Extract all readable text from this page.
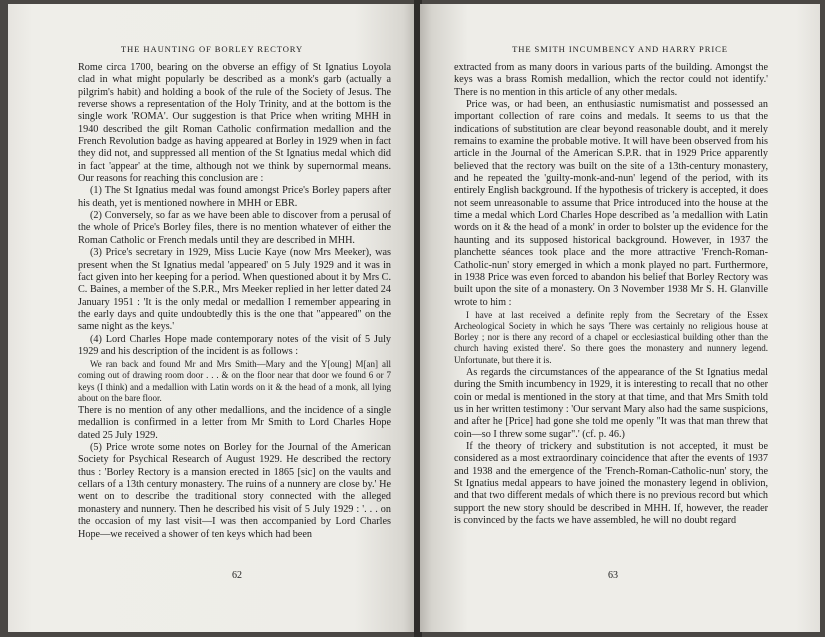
THE HAUNTING OF BORLEY RECTORY

Rome circa 1700, bearing on the obverse an effigy of St Ignatius Loyola clad in what might popularly be described as a monk's garb (actually a pilgrim's habit) and holding a book of the rule of the Society of Jesus. The reverse shows a representation of the Holy Trinity, and at the bottom is the single work 'ROMA'. Our suggestion is that Price when writing MHH in 1940 described the gilt Roman Catholic confirmation medallion and the French Revolution badge as having appeared at Borley in 1929 when in fact they did not, and suppressed all mention of the St Ignatius medal which did in fact 'appear' at the time, although not we think by supernormal means. Our reasons for reaching this conclusion are :

(1) The St Ignatius medal was found amongst Price's Borley papers after his death, yet is mentioned nowhere in MHH or EBR.

(2) Conversely, so far as we have been able to discover from a perusal of the whole of Price's Borley files, there is no mention whatever of either the Roman Catholic or French medals until they are described in MHH.

(3) Price's secretary in 1929, Miss Lucie Kaye (now Mrs Meeker), was present when the St Ignatius medal 'appeared' on 5 July 1929 and it was in fact given into her keeping for a period. When questioned about it by Mrs C. C. Baines, a member of the S.P.R., Mrs Meeker replied in her letter dated 24 January 1951 : 'It is the only medal or medallion I remember appearing in the early days and quite undoubtedly this is the one that "appeared" on the same night as the keys.'

(4) Lord Charles Hope made contemporary notes of the visit of 5 July 1929 and his description of the incident is as follows :

We ran back and found Mr and Mrs Smith—Mary and the Y[oung] M[an] all coming out of drawing room door . . . & on the floor near that door we found 6 or 7 keys (I think) and a medallion with Latin words on it & the head of a monk, all lying about on the bare floor.

There is no mention of any other medallions, and the incidence of a single medallion is confirmed in a letter from Mr Smith to Lord Charles Hope dated 25 July 1929.

(5) Price wrote some notes on Borley for the Journal of the American Society for Psychical Research of August 1929. He described the rectory thus : 'Borley Rectory is a mansion erected in 1865 [sic] on the vaults and cellars of a 13th century monastery. The ruins of a nunnery are close by.' He went on to describe the traditional story connected with the alleged monastery and nunnery. Then he described his visit of 5 July 1929 : '. . . on the occasion of my last visit—I was then accompanied by Lord Charles Hope—we received a shower of ten keys which had been

62
THE SMITH INCUMBENCY AND HARRY PRICE

extracted from as many doors in various parts of the building. Amongst the keys was a brass Romish medallion, which the rector could not identify.' There is no mention in this article of any other medals.

Price was, or had been, an enthusiastic numismatist and possessed an important collection of rare coins and medals. It seems to us that the indications of substitution are clear beyond reasonable doubt, and it merely remains to examine the probable motive. It will have been observed from his article in the Journal of the American S.P.R. that in 1929 Price apparently believed that the rectory was built on the site of a 13th-century monastery, and he repeated the 'guilty-monk-and-nun' legend of the period, with its entirely English background. If the hypothesis of trickery is accepted, it does not seem unreasonable to assume that Price introduced into the house at the time a medal which Lord Charles Hope described as 'a medallion with Latin words on it & the head of a monk' in order to bolster up the evidence for the haunting and its supposed historical background. However, in 1937 the planchette séances took place and the more attractive 'French-Roman-Catholic-nun' story emerged in which a monk played no part. Furthermore, in 1938 Price was even forced to abandon his belief that Borley Rectory was built upon the site of a monastery. On 3 November 1938 Mr S. H. Glanville wrote to him :

I have at last received a definite reply from the Secretary of the Essex Archeological Society in which he says 'There was certainly no religious house at Borley ; nor is there any record of a chapel or ecclesiastical building other than the church having existed there'. So there goes the monastery and nunnery legend. Unfortunate, but there it is.

As regards the circumstances of the appearance of the St Ignatius medal during the Smith incumbency in 1929, it is interesting to recall that no other coin or medal is mentioned in the story at that time, and that Mrs Smith told us in her written testimony : 'Our servant Mary also had the same suspicions, and after he [Price] had gone she told me openly "It was that man threw that coin—so I threw some sugar".' (cf. p. 46.)

If the theory of trickery and substitution is not accepted, it must be considered as a most extraordinary coincidence that after the events of 1937 and 1938 and the emergence of the 'French-Roman-Catholic-nun' story, the St Ignatius medal appears to have joined the monastery legend in oblivion, and that two different medals of which there is no previous record but which support the new story should be described in MHH. If, however, the reader is convinced by the facts we have assembled, he will no doubt regard

63
